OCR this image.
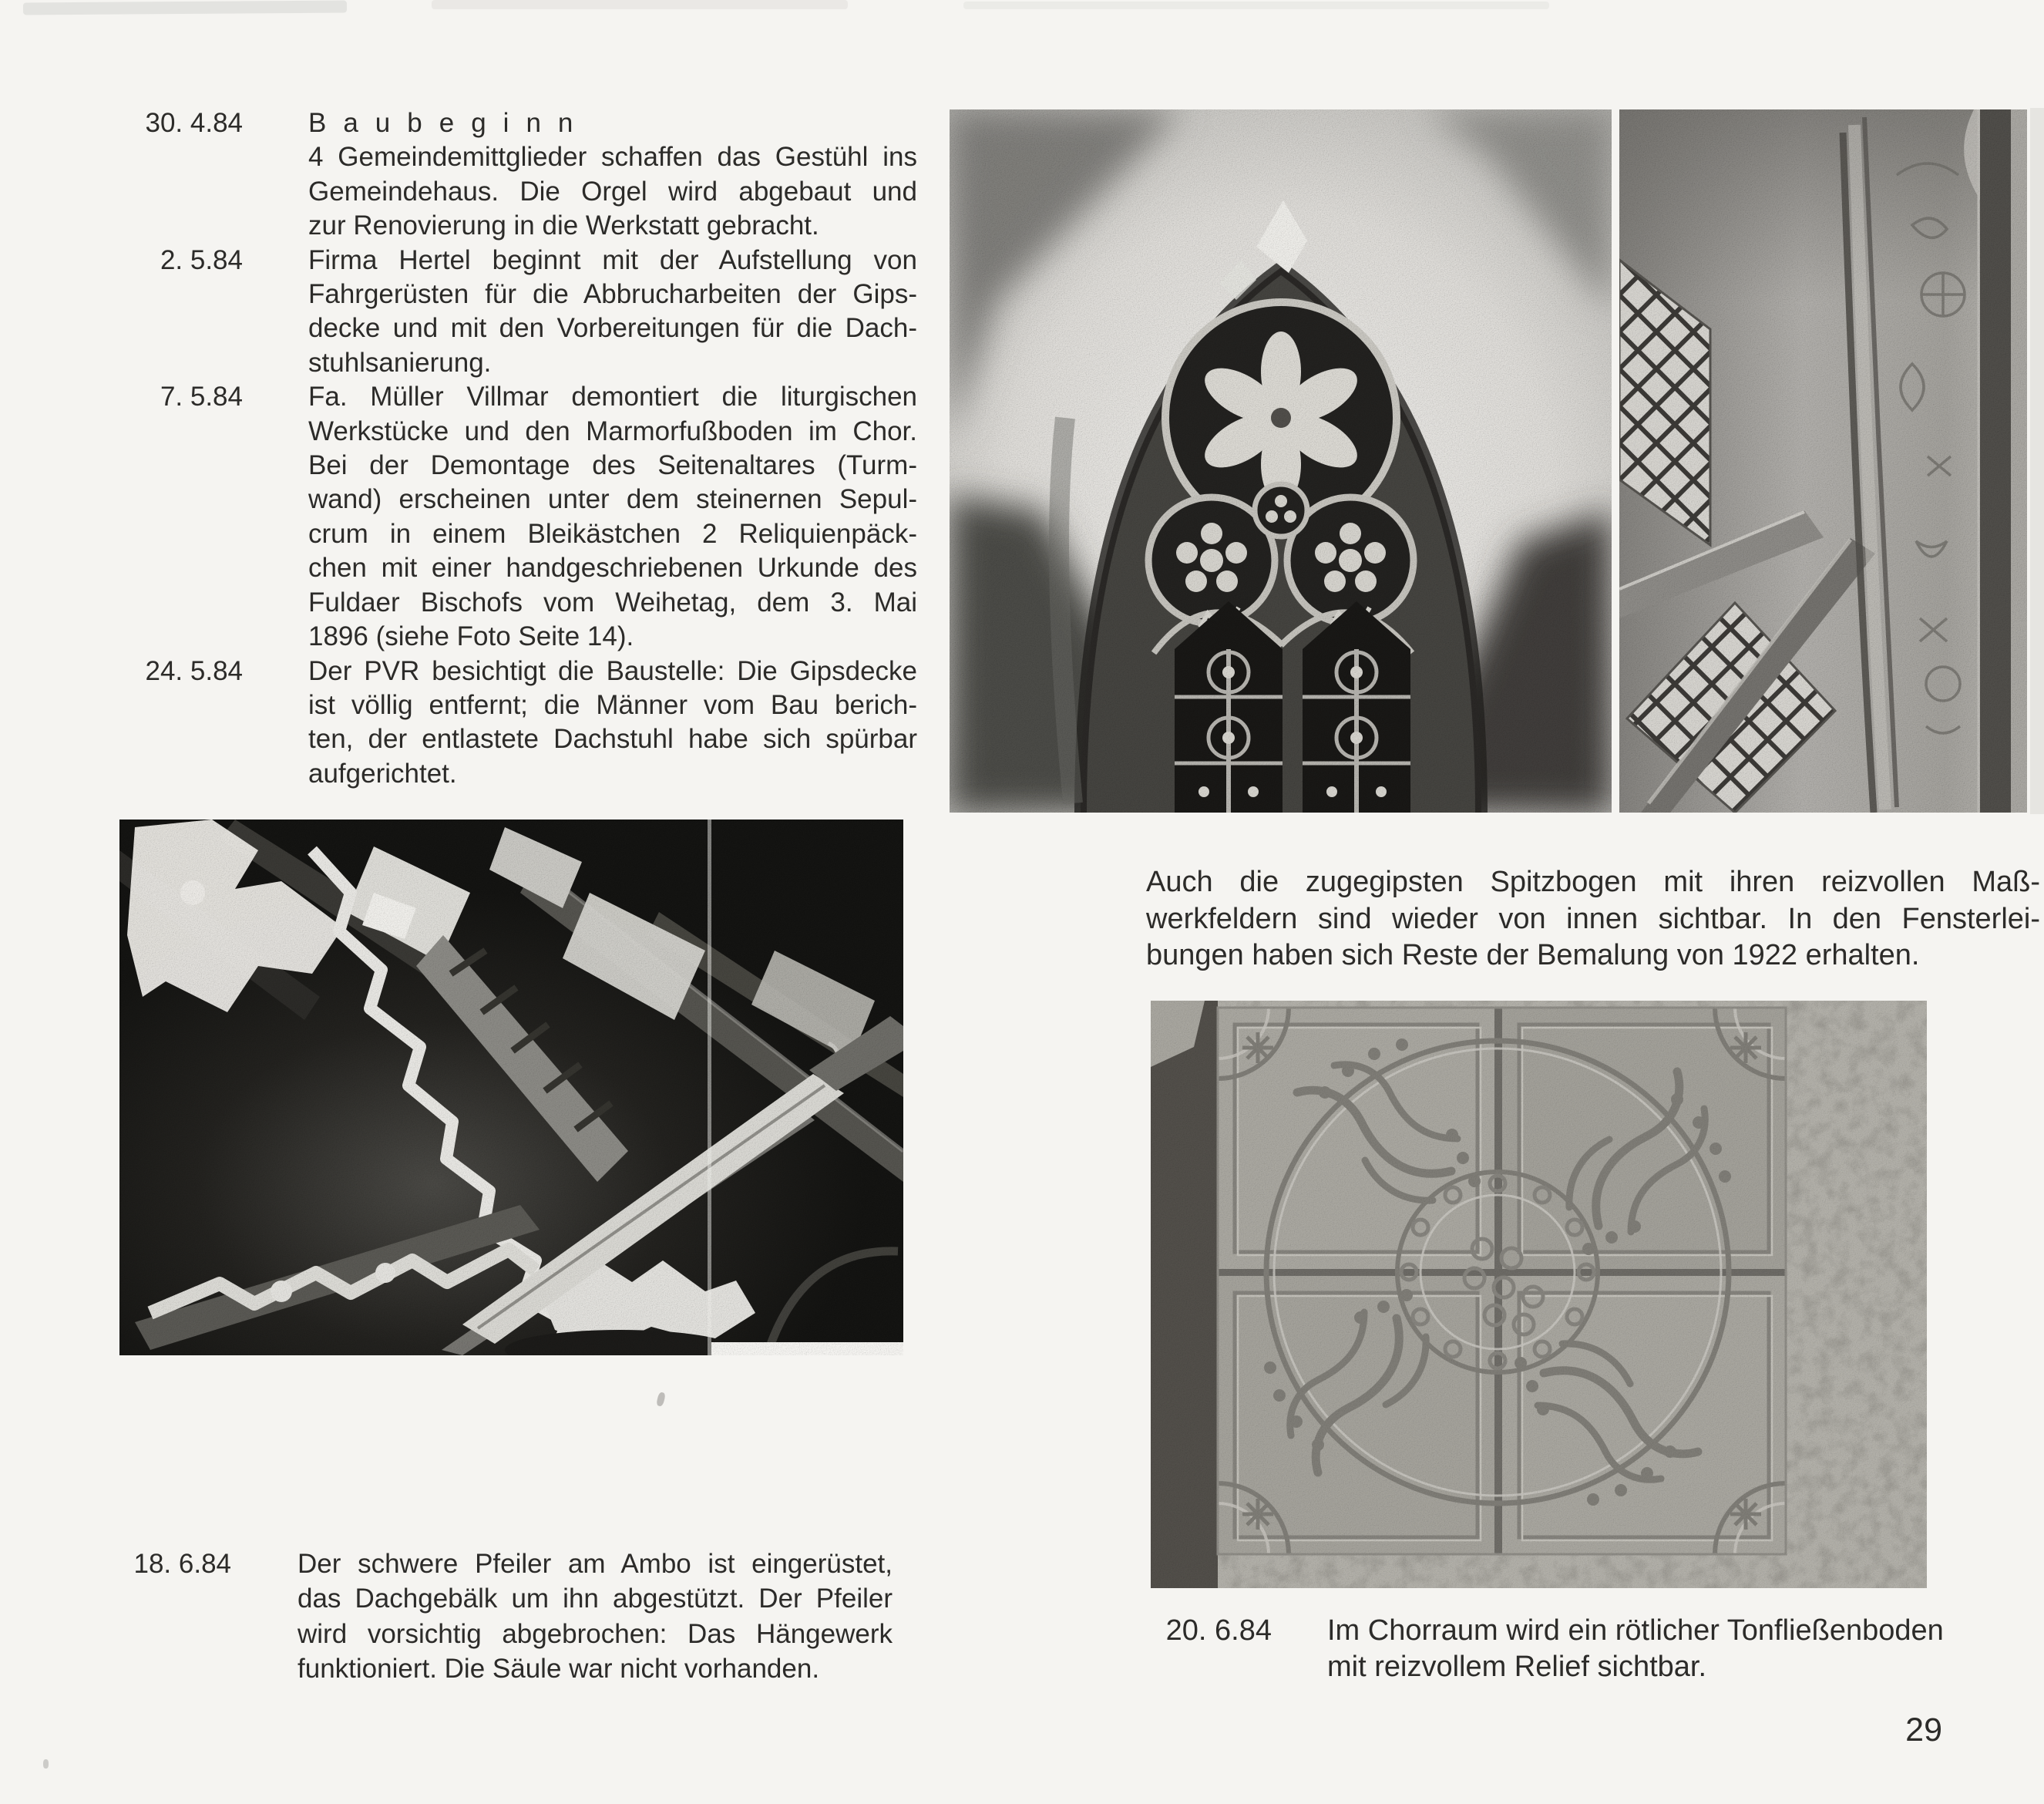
30. 4.84 Baubeginn
4 Gemeindemittglieder schaffen das Gestühl ins
Gemeindehaus. Die Orgel wird abgebaut und
zur Renovierung in die Werkstatt gebracht.
2. 5.84 Firma Hertel beginnt mit der Aufstellung von
Fahrgerüsten für die Abbrucharbeiten der Gips-
decke und mit den Vorbereitungen für die Dach-
stuhlsanierung.
7. 5.84 Fa. Müller Villmar demontiert die liturgischen
Werkstücke und den Marmorfußboden im Chor.
Bei der Demontage des Seitenaltares (Turm-
wand) erscheinen unter dem steinernen Sepul-
crum in einem Bleikästchen 2 Reliquienpäck-
chen mit einer handgeschriebenen Urkunde des
Fuldaer Bischofs vom Weihetag, dem 3. Mai
1896 (siehe Foto Seite 14).
24. 5.84 Der PVR besichtigt die Baustelle: Die Gipsdecke
ist völlig entfernt; die Männer vom Bau berich-
ten, der entlastete Dachstuhl habe sich spürbar
aufgerichtet.

Auch die zugegipsten Spitzbogen mit ihren reizvollen Maß-
werkfeldern sind wieder von innen sichtbar. In den Fensterlei-
bungen haben sich Reste der Bemalung von 1922 erhalten.

18. 6.84 Der schwere Pfeiler am Ambo ist eingerüstet,
das Dachgebälk um ihn abgestützt. Der Pfeiler
wird vorsichtig abgebrochen: Das Hängewerk
funktioniert. Die Säule war nicht vorhanden.
20. 6.84 Im Chorraum wird ein rötlicher Tonfließenboden
mit reizvollem Relief sichtbar.
29
